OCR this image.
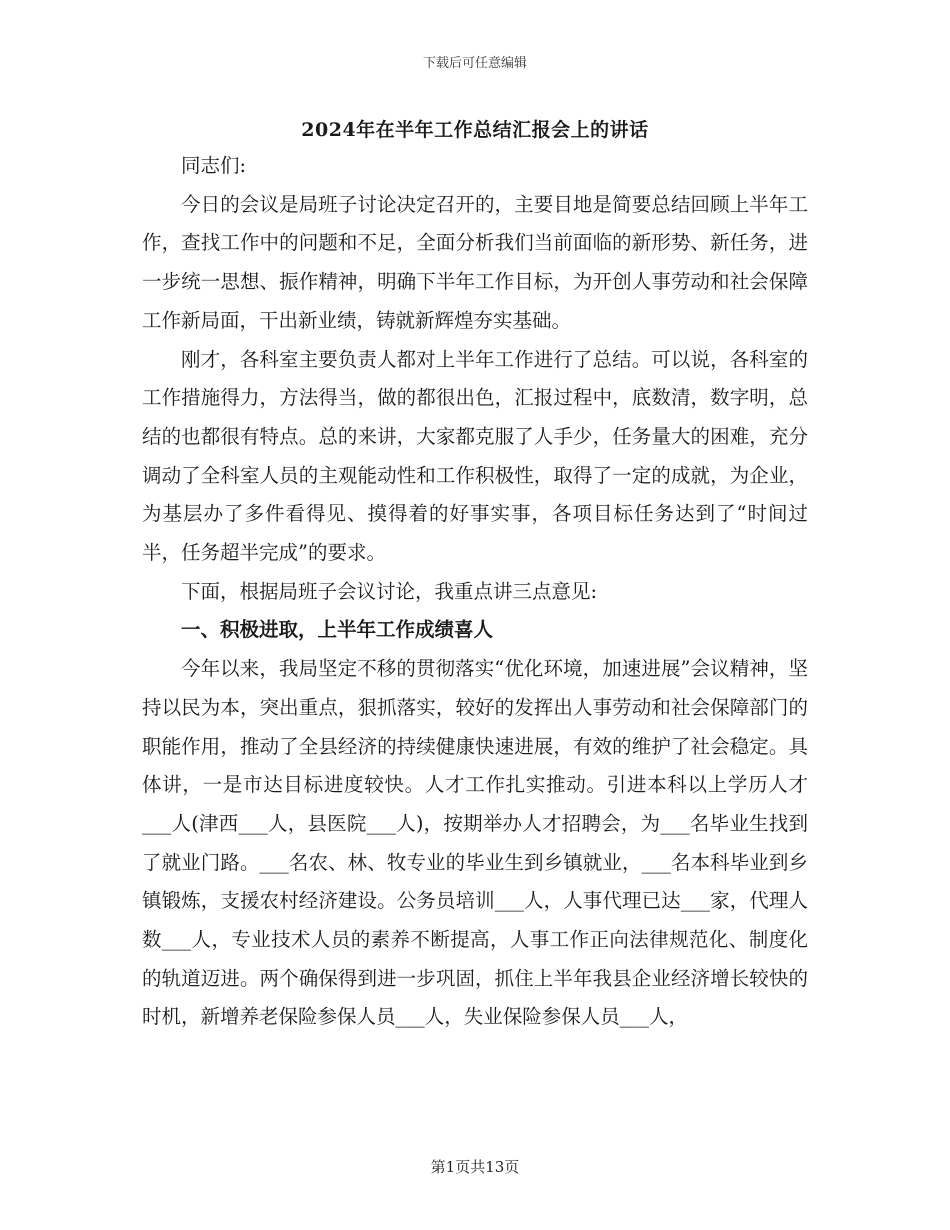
下载后可任意编辑
2024年在半年工作总结汇报会上的讲话

同志们:

今日的会议是局班子讨论决定召开的，主要目地是简要总结回顾上半年工作，查找工作中的问题和不足，全面分析我们当前面临的新形势、新任务，进一步统一思想、振作精神，明确下半年工作目标，为开创人事劳动和社会保障工作新局面，干出新业绩，铸就新辉煌夯实基础。

刚才，各科室主要负责人都对上半年工作进行了总结。可以说，各科室的工作措施得力，方法得当，做的都很出色，汇报过程中，底数清，数字明，总结的也都很有特点。总的来讲，大家都克服了人手少，任务量大的困难，充分调动了全科室人员的主观能动性和工作积极性，取得了一定的成就，为企业，为基层办了多件看得见、摸得着的好事实事，各项目标任务达到了“时间过半，任务超半完成”的要求。

下面，根据局班子会议讨论，我重点讲三点意见:

一、积极进取，上半年工作成绩喜人

今年以来，我局坚定不移的贯彻落实“优化环境，加速进展”会议精神，坚持以民为本，突出重点，狠抓落实，较好的发挥出人事劳动和社会保障部门的职能作用，推动了全县经济的持续健康快速进展，有效的维护了社会稳定。具体讲，一是市达目标进度较快。人才工作扎实推动。引进本科以上学历人才___人(津西___人，县医院___人)，按期举办人才招聘会，为___名毕业生找到了就业门路。___名农、林、牧专业的毕业生到乡镇就业，___名本科毕业到乡镇锻炼，支援农村经济建设。公务员培训___人，人事代理已达___家，代理人数___人，专业技术人员的素养不断提高，人事工作正向法律规范化、制度化的轨道迈进。两个确保得到进一步巩固，抓住上半年我县企业经济增长较快的时机，新增养老保险参保人员___人，失业保险参保人员___人，

第1页共13页
